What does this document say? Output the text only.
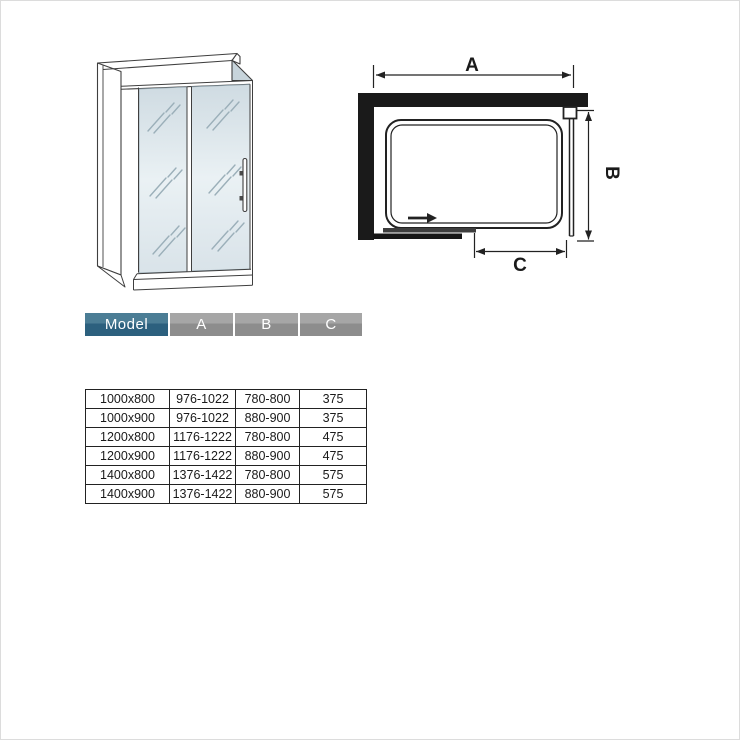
A
B
C
Model	A	B	C
1000x800	976-1022	780-800	375
1000x900	976-1022	880-900	375
1200x800	1176-1222	780-800	475
1200x900	1176-1222	880-900	475
1400x800	1376-1422	780-800	575
1400x900	1376-1422	880-900	575
